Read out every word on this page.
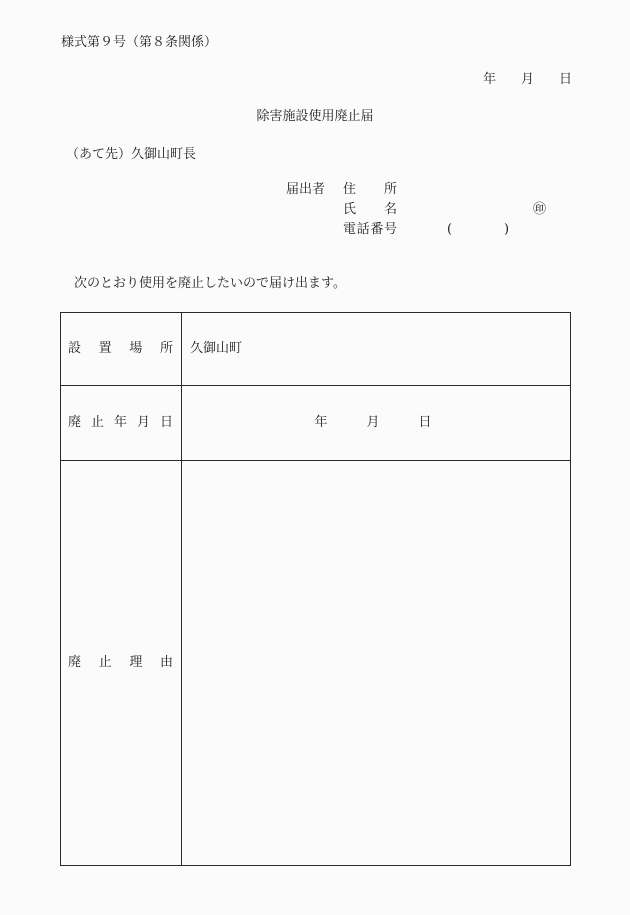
様式第９号（第８条関係）
年 月 日
除害施設使用廃止届
（あて先）久御山町長
届出者 住 所
氏 名	㊞
電 話 番 号	(	)
次のとおり使用を廃止したいので届け出ます。
設 置 場 所 久御山町
廃 止 年 月 日	年	月	日
廃 止 理 由
